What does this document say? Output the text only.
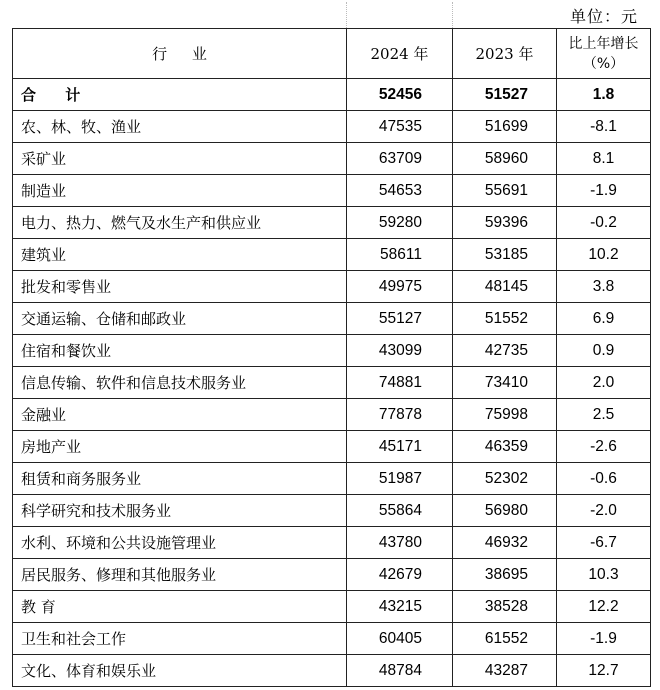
单位：元
行 业	2024 年	2023 年	比上年增长
（%）

合 计	52456	51527	1.8
农、林、牧、渔业	47535	51699	-8.1
采矿业	63709	58960	8.1
制造业	54653	55691	-1.9
电力、热力、燃气及水生产和供应业	59280	59396	-0.2
建筑业	58611	53185	10.2
批发和零售业	49975	48145	3.8
交通运输、仓储和邮政业	55127	51552	6.9
住宿和餐饮业	43099	42735	0.9
信息传输、软件和信息技术服务业	74881	73410	2.0
金融业	77878	75998	2.5
房地产业	45171	46359	-2.6
租赁和商务服务业	51987	52302	-0.6
科学研究和技术服务业	55864	56980	-2.0
水利、环境和公共设施管理业	43780	46932	-6.7
居民服务、修理和其他服务业	42679	38695	10.3
教 育	43215	38528	12.2
卫生和社会工作	60405	61552	-1.9
文化、体育和娱乐业	48784	43287	12.7
